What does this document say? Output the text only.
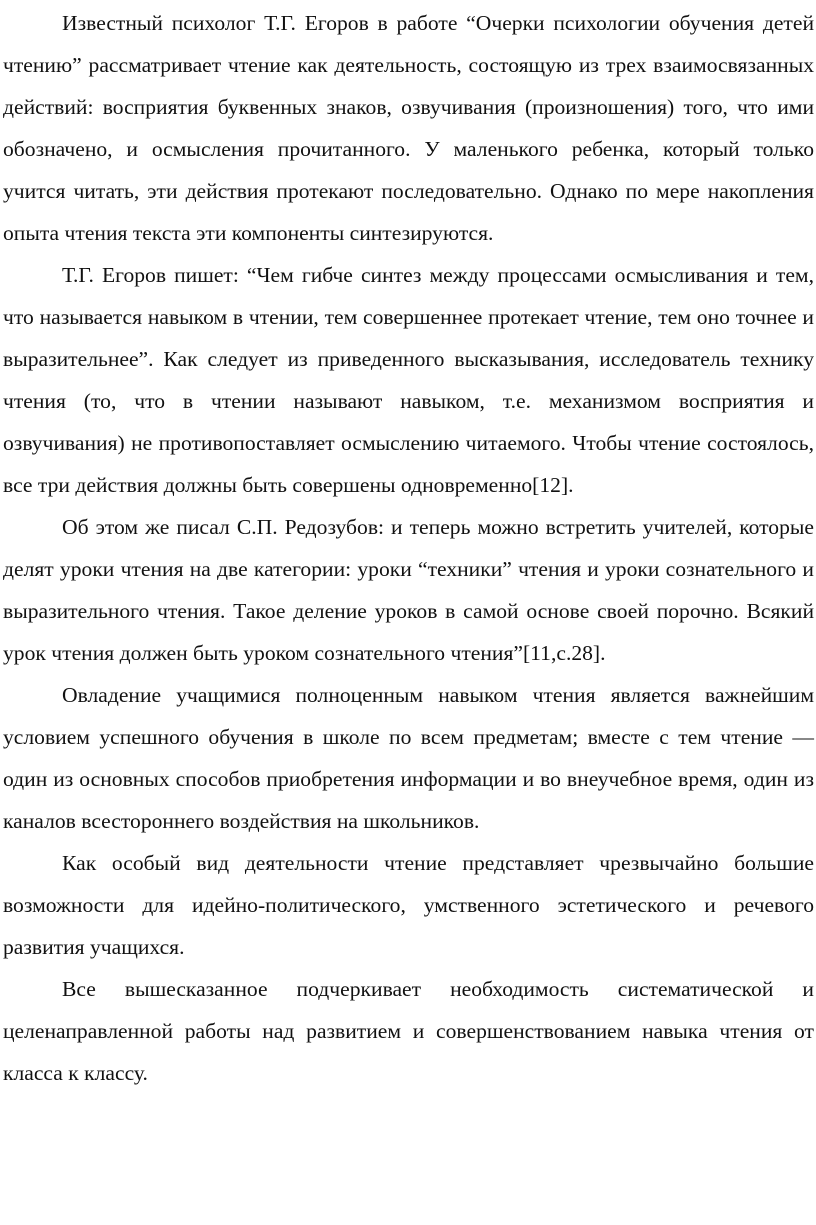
Известный психолог Т.Г. Егоров в работе “Очерки психологии обучения детей чтению” рассматривает чтение как деятельность, состоящую из трех взаимосвязанных действий: восприятия буквенных знаков, озвучивания (произношения) того, что ими обозначено, и осмысления прочитанного. У маленького ребенка, который только учится читать, эти действия протекают последовательно. Однако по мере накопления опыта чтения текста эти компоненты синтезируются.

Т.Г. Егоров пишет: “Чем гибче синтез между процессами осмысливания и тем, что называется навыком в чтении, тем совершеннее протекает чтение, тем оно точнее и выразительнее”. Как следует из приведенного высказывания, исследователь технику чтения (то, что в чтении называют навыком, т.е. механизмом восприятия и озвучивания) не противопоставляет осмыслению читаемого. Чтобы чтение состоялось, все три действия должны быть совершены одновременно[12].

Об этом же писал С.П. Редозубов: и теперь можно встретить учителей, которые делят уроки чтения на две категории: уроки “техники” чтения и уроки сознательного и выразительного чтения. Такое деление уроков в самой основе своей порочно. Всякий урок чтения должен быть уроком сознательного чтения”[11,с.28].

Овладение учащимися полноценным навыком чтения является важнейшим условием успешного обучения в школе по всем предметам; вместе с тем чтение — один из основных способов приобретения информации и во внеучебное время, один из каналов всестороннего воздействия на школьников.

Как особый вид деятельности чтение представляет чрезвычайно большие возможности для идейно-политического, умственного эстетического и речевого развития учащихся.

Все вышесказанное подчеркивает необходимость систематической и целенаправленной работы над развитием и совершенствованием навыка чтения от класса к классу.
